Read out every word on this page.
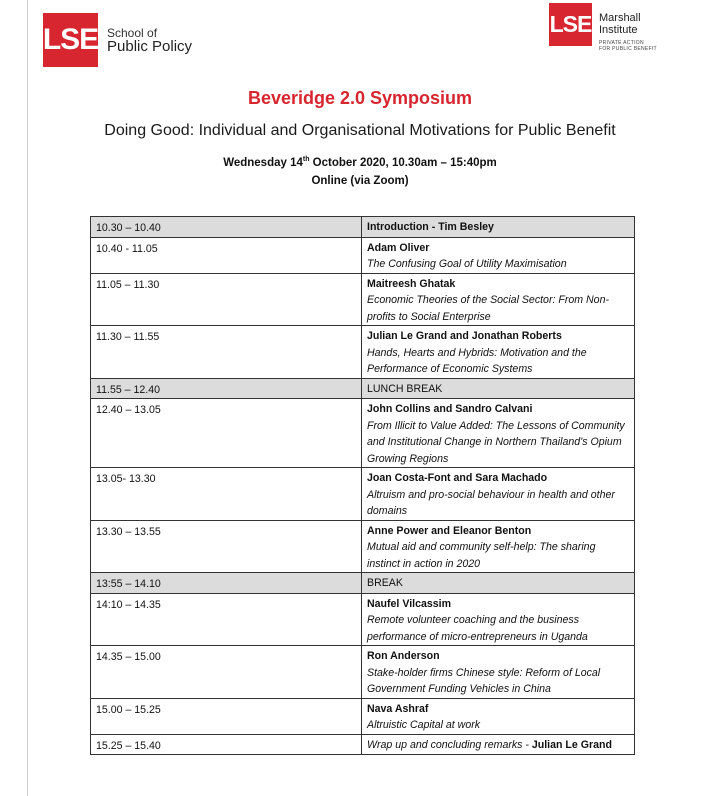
LSE School of
Public Policy
LSE Marshall
Institute
PRIVATE ACTION
FOR PUBLIC BENEFIT
Beveridge 2.0 Symposium
Doing Good: Individual and Organisational Motivations for Public Benefit
Wednesday 14th October 2020, 10.30am – 15:40pm
Online (via Zoom)
10.30 – 10.40	Introduction - Tim Besley

10.40 - 11.05	Adam Oliver
The Confusing Goal of Utility Maximisation

11.05 – 11.30	Maitreesh Ghatak
Economic Theories of the Social Sector: From Non-profits to Social Enterprise

11.30 – 11.55	Julian Le Grand and Jonathan Roberts
Hands, Hearts and Hybrids: Motivation and the Performance of Economic Systems

11.55 – 12.40	LUNCH BREAK

12.40 – 13.05	John Collins and Sandro Calvani
From Illicit to Value Added: The Lessons of Community and Institutional Change in Northern Thailand's Opium Growing Regions

13.05- 13.30	Joan Costa-Font and Sara Machado
Altruism and pro-social behaviour in health and other domains

13.30 – 13.55	Anne Power and Eleanor Benton
Mutual aid and community self-help: The sharing instinct in action in 2020

13:55 – 14.10	BREAK

14:10 – 14.35	Naufel Vilcassim
Remote volunteer coaching and the business performance of micro-entrepreneurs in Uganda

14.35 – 15.00	Ron Anderson
Stake-holder firms Chinese style: Reform of Local Government Funding Vehicles in China

15.00 – 15.25	Nava Ashraf
Altruistic Capital at work

15.25 – 15.40	Wrap up and concluding remarks - Julian Le Grand
